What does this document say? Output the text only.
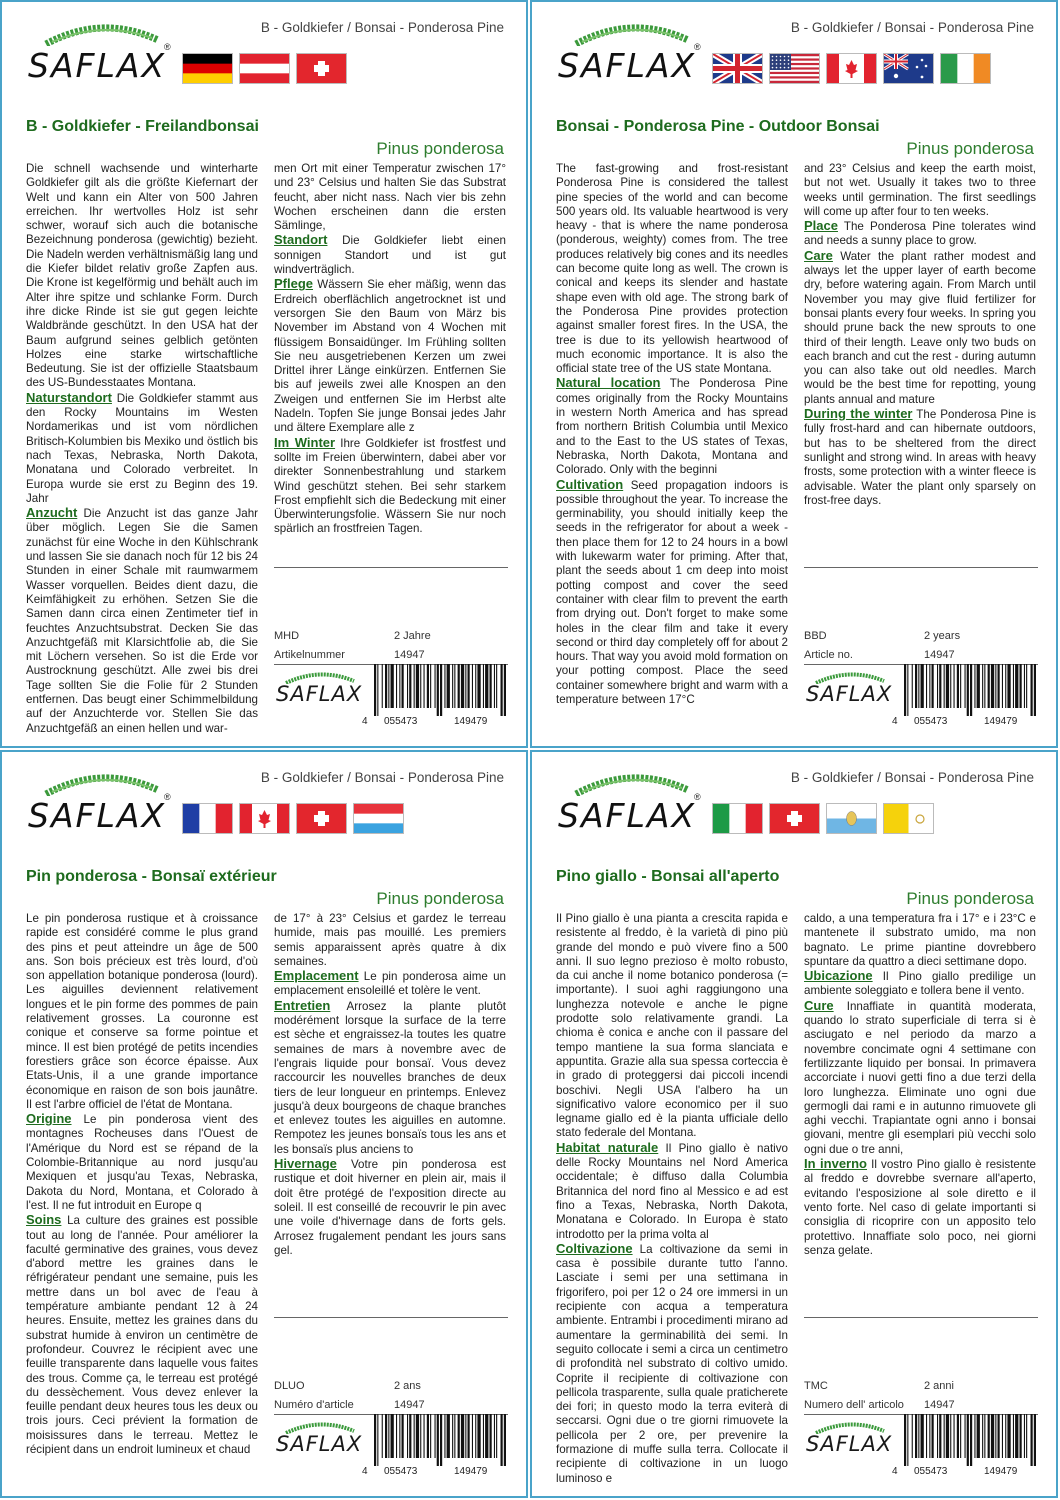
B - Goldkiefer / Bonsai - Ponderosa Pine
SAFLAX
®
B - Goldkiefer - Freilandbonsai
Pinus ponderosa

Die schnell wachsende und winterharte Goldkiefer gilt als die größte Kiefernart der Welt und kann ein Alter von 500 Jahren erreichen. Ihr wertvolles Holz ist sehr schwer, worauf sich auch die botanische Bezeichnung ponderosa (gewichtig) bezieht. Die Nadeln werden verhältnismäßig lang und die Kiefer bildet relativ große Zapfen aus. Die Krone ist kegelförmig und behält auch im Alter ihre spitze und schlanke Form. Durch ihre dicke Rinde ist sie gut gegen leichte Waldbrände geschützt. In den USA hat der Baum aufgrund seines gelblich getönten Holzes eine starke wirtschaftliche Bedeutung. Sie ist der offizielle Staatsbaum des US-Bundesstaates Montana.

Naturstandort Die Goldkiefer stammt aus den Rocky Mountains im Westen Nordamerikas und ist vom nördlichen Britisch-Kolumbien bis Mexiko und östlich bis nach Texas, Nebraska, North Dakota, Monatana und Colorado verbreitet. In Europa wurde sie erst zu Beginn des 19. Jahr

Anzucht Die Anzucht ist das ganze Jahr über möglich. Legen Sie die Samen zunächst für eine Woche in den Kühlschrank und lassen Sie sie danach noch für 12 bis 24 Stunden in einer Schale mit raumwarmem Wasser vorquellen. Beides dient dazu, die Keimfähigkeit zu erhöhen. Setzen Sie die Samen dann circa einen Zentimeter tief in feuchtes Anzuchtsubstrat. Decken Sie das Anzuchtgefäß mit Klarsichtfolie ab, die Sie mit Löchern versehen. So ist die Erde vor Austrocknung geschützt. Alle zwei bis drei Tage sollten Sie die Folie für 2 Stunden entfernen. Das beugt einer Schimmelbildung auf der Anzuchterde vor. Stellen Sie das Anzuchtgefäß an einen hellen und war-

men Ort mit einer Temperatur zwischen 17° und 23° Celsius und halten Sie das Substrat feucht, aber nicht nass. Nach vier bis zehn Wochen erscheinen dann die ersten Sämlinge,

Standort Die Goldkiefer liebt einen sonnigen Standort und ist gut windverträglich.

Pflege Wässern Sie eher mäßig, wenn das Erdreich oberflächlich angetrocknet ist und versorgen Sie den Baum von März bis November im Abstand von 4 Wochen mit flüssigem Bonsaidünger. Im Frühling sollten Sie neu ausgetriebenen Kerzen um zwei Drittel ihrer Länge einkürzen. Entfernen Sie bis auf jeweils zwei alle Knospen an den Zweigen und entfernen Sie im Herbst alte Nadeln. Topfen Sie junge Bonsai jedes Jahr und ältere Exemplare alle z

Im Winter Ihre Goldkiefer ist frostfest und sollte im Freien überwintern, dabei aber vor direkter Sonnenbestrahlung und starkem Wind geschützt stehen. Bei sehr starkem Frost empfiehlt sich die Bedeckung mit einer Überwinterungsfolie. Wässern Sie nur noch spärlich an frostfreien Tagen.

MHD	2 Jahre
Artikelnummer	14947
SAFLAX
4 055473	149479
B - Goldkiefer / Bonsai - Ponderosa Pine
SAFLAX
®
Bonsai - Ponderosa Pine - Outdoor Bonsai
Pinus ponderosa

The fast-growing and frost-resistant Ponderosa Pine is considered the tallest pine species of the world and can become 500 years old. Its valuable heartwood is very heavy - that is where the name ponderosa (ponderous, weighty) comes from. The tree produces relatively big cones and its needles can become quite long as well. The crown is conical and keeps its slender and hastate shape even with old age. The strong bark of the Ponderosa Pine provides protection against smaller forest fires. In the USA, the tree is due to its yellowish heartwood of much economic importance. It is also the official state tree of the US state Montana.

Natural location The Ponderosa Pine comes originally from the Rocky Mountains in western North America and has spread from northern British Columbia until Mexico and to the East to the US states of Texas, Nebraska, North Dakota, Montana and Colorado. Only with the beginni

Cultivation Seed propagation indoors is possible throughout the year. To increase the germinability, you should initially keep the seeds in the refrigerator for about a week - then place them for 12 to 24 hours in a bowl with lukewarm water for priming. After that, plant the seeds about 1 cm deep into moist potting compost and cover the seed container with clear film to prevent the earth from drying out. Don't forget to make some holes in the clear film and take it every second or third day completely off for about 2 hours. That way you avoid mold formation on your potting compost. Place the seed container somewhere bright and warm with a temperature between 17°C

and 23° Celsius and keep the earth moist, but not wet. Usually it takes two to three weeks until germination. The first seedlings will come up after four to ten weeks.

Place The Ponderosa Pine tolerates wind and needs a sunny place to grow.

Care Water the plant rather modest and always let the upper layer of earth become dry, before watering again. From March until November you may give fluid fertilizer for bonsai plants every four weeks. In spring you should prune back the new sprouts to one third of their length. Leave only two buds on each branch and cut the rest - during autumn you can also take out old needles. March would be the best time for repotting, young plants annual and mature

During the winter The Ponderosa Pine is fully frost-hard and can hibernate outdoors, but has to be sheltered from the direct sunlight and strong wind. In areas with heavy frosts, some protection with a winter fleece is advisable. Water the plant only sparsely on frost-free days.

BBD	2 years
Article no.	14947
SAFLAX
4 055473	149479
B - Goldkiefer / Bonsai - Ponderosa Pine
SAFLAX
®
Pin ponderosa - Bonsaï extérieur
Pinus ponderosa

Le pin ponderosa rustique et à croissance rapide est considéré comme le plus grand des pins et peut atteindre un âge de 500 ans. Son bois précieux est très lourd, d'où son appellation botanique ponderosa (lourd). Les aiguilles deviennent relativement longues et le pin forme des pommes de pain relativement grosses. La couronne est conique et conserve sa forme pointue et mince. Il est bien protégé de petits incendies forestiers grâce son écorce épaisse. Aux Etats-Unis, il a une grande importance économique en raison de son bois jaunâtre. Il est l'arbre officiel de l'état de Montana.

Origine Le pin ponderosa vient des montagnes Rocheuses dans l'Ouest de l'Amérique du Nord est se répand de la Colombie-Britannique au nord jusqu'au Mexiquen et jusqu'au Texas, Nebraska, Dakota du Nord, Montana, et Colorado à l'est. Il ne fut introduit en Europe q

Soins La culture des graines est possible tout au long de l'année. Pour améliorer la faculté germinative des graines, vous devez d'abord mettre les graines dans le réfrigérateur pendant une semaine, puis les mettre dans un bol avec de l'eau à température ambiante pendant 12 à 24 heures. Ensuite, mettez les graines dans du substrat humide à environ un centimètre de profondeur. Couvrez le récipient avec une feuille transparente dans laquelle vous faites des trous. Comme ça, le terreau est protégé du dessèchement. Vous devez enlever la feuille pendant deux heures tous les deux ou trois jours. Ceci prévient la formation de moisissures dans le terreau. Mettez le récipient dans un endroit lumineux et chaud

de 17° à 23° Celsius et gardez le terreau humide, mais pas mouillé. Les premiers semis apparaissent après quatre à dix semaines.

Emplacement Le pin ponderosa aime un emplacement ensoleillé et tolère le vent.

Entretien Arrosez la plante plutôt modérément lorsque la surface de la terre est sèche et engraissez-la toutes les quatre semaines de mars à novembre avec de l'engrais liquide pour bonsaï. Vous devez raccourcir les nouvelles branches de deux tiers de leur longueur en printemps. Enlevez jusqu'à deux bourgeons de chaque branches et enlevez toutes les aiguilles en automne. Rempotez les jeunes bonsaïs tous les ans et les bonsaïs plus anciens to

Hivernage Votre pin ponderosa est rustique et doit hiverner en plein air, mais il doit être protégé de l'exposition directe au soleil. Il est conseillé de recouvrir le pin avec une voile d'hivernage dans de forts gels. Arrosez frugalement pendant les jours sans gel.

DLUO	2 ans
Numéro d'article	14947
SAFLAX
4 055473	149479
B - Goldkiefer / Bonsai - Ponderosa Pine
SAFLAX
®
Pino giallo - Bonsai all'aperto
Pinus ponderosa

Il Pino giallo è una pianta a crescita rapida e resistente al freddo, è la varietà di pino più grande del mondo e può vivere fino a 500 anni. Il suo legno prezioso è molto robusto, da cui anche il nome botanico ponderosa (= importante). I suoi aghi raggiungono una lunghezza notevole e anche le pigne prodotte solo relativamente grandi. La chioma è conica e anche con il passare del tempo mantiene la sua forma slanciata e appuntita. Grazie alla sua spessa corteccia è in grado di proteggersi dai piccoli incendi boschivi. Negli USA l'albero ha un significativo valore economico per il suo legname giallo ed è la pianta ufficiale dello stato federale del Montana.

Habitat naturale Il Pino giallo è nativo delle Rocky Mountains nel Nord America occidentale; è diffuso dalla Columbia Britannica del nord fino al Messico e ad est fino a Texas, Nebraska, North Dakota, Monatana e Colorado. In Europa è stato introdotto per la prima volta al

Coltivazione La coltivazione da semi in casa è possibile durante tutto l'anno. Lasciate i semi per una settimana in frigorifero, poi per 12 o 24 ore immersi in un recipiente con acqua a temperatura ambiente. Entrambi i procedimenti mirano ad aumentare la germinabilità dei semi. In seguito collocate i semi a circa un centimetro di profondità nel substrato di coltivo umido. Coprite il recipiente di coltivazione con pellicola trasparente, sulla quale praticherete dei fori; in questo modo la terra eviterà di seccarsi. Ogni due o tre giorni rimuovete la pellicola per 2 ore, per prevenire la formazione di muffe sulla terra. Collocate il recipiente di coltivazione in un luogo luminoso e

caldo, a una temperatura fra i 17° e i 23°C e mantenete il substrato umido, ma non bagnato. Le prime piantine dovrebbero spuntare da quattro a dieci settimane dopo.

Ubicazione Il Pino giallo predilige un ambiente soleggiato e tollera bene il vento.

Cure Innaffiate in quantità moderata, quando lo strato superficiale di terra si è asciugato e nel periodo da marzo a novembre concimate ogni 4 settimane con fertilizzante liquido per bonsai. In primavera accorciate i nuovi getti fino a due terzi della loro lunghezza. Eliminate uno ogni due germogli dai rami e in autunno rimuovete gli aghi vecchi. Trapiantate ogni anno i bonsai giovani, mentre gli esemplari più vecchi solo ogni due o tre anni,

In inverno Il vostro Pino giallo è resistente al freddo e dovrebbe svernare all'aperto, evitando l'esposizione al sole diretto e il vento forte. Nel caso di gelate importanti si consiglia di ricoprire con un apposito telo protettivo. Innaffiate solo poco, nei giorni senza gelate.

TMC	2 anni
Numero dell' articolo 14947
SAFLAX
4 055473	149479
